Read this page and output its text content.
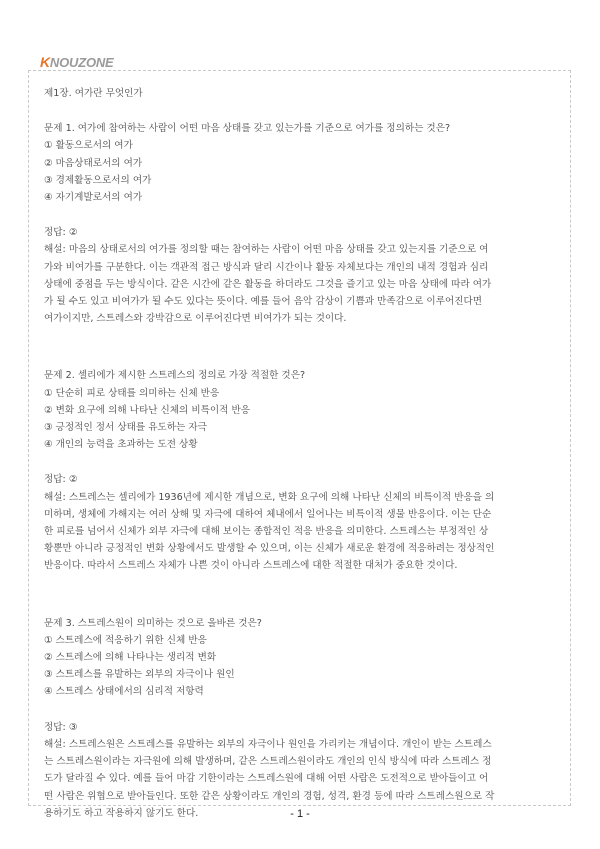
KNOUZONE
제1장. 여가란 무엇인가
문제 1. 여가에 참여하는 사람이 어떤 마음 상태를 갖고 있는가를 기준으로 여가를 정의하는 것은?
① 활동으로서의 여가
② 마음상태로서의 여가
③ 경제활동으로서의 여가
④ 자기계발로서의 여가
정답: ②
해설: 마음의 상태로서의 여가를 정의할 때는 참여하는 사람이 어떤 마음 상태를 갖고 있는지를 기준으로 여
가와 비여가를 구분한다. 이는 객관적 접근 방식과 달리 시간이나 활동 자체보다는 개인의 내적 경험과 심리
상태에 중점을 두는 방식이다. 같은 시간에 같은 활동을 하더라도 그것을 즐기고 있는 마음 상태에 따라 여가
가 될 수도 있고 비여가가 될 수도 있다는 뜻이다. 예를 들어 음악 감상이 기쁨과 만족감으로 이루어진다면
여가이지만, 스트레스와 강박감으로 이루어진다면 비여가가 되는 것이다.
문제 2. 셀리에가 제시한 스트레스의 정의로 가장 적절한 것은?
① 단순히 피로 상태를 의미하는 신체 반응
② 변화 요구에 의해 나타난 신체의 비특이적 반응
③ 긍정적인 정서 상태를 유도하는 자극
④ 개인의 능력을 초과하는 도전 상황
정답: ②
해설: 스트레스는 셀리에가 1936년에 제시한 개념으로, 변화 요구에 의해 나타난 신체의 비특이적 반응을 의
미하며, 생체에 가해지는 여러 상해 및 자극에 대하여 체내에서 일어나는 비특이적 생물 반응이다. 이는 단순
한 피로를 넘어서 신체가 외부 자극에 대해 보이는 종합적인 적응 반응을 의미한다. 스트레스는 부정적인 상
황뿐만 아니라 긍정적인 변화 상황에서도 발생할 수 있으며, 이는 신체가 새로운 환경에 적응하려는 정상적인
반응이다. 따라서 스트레스 자체가 나쁜 것이 아니라 스트레스에 대한 적절한 대처가 중요한 것이다.
문제 3. 스트레스원이 의미하는 것으로 올바른 것은?
① 스트레스에 적응하기 위한 신체 반응
② 스트레스에 의해 나타나는 생리적 변화
③ 스트레스를 유발하는 외부의 자극이나 원인
④ 스트레스 상태에서의 심리적 저항력
정답: ③
해설: 스트레스원은 스트레스를 유발하는 외부의 자극이나 원인을 가리키는 개념이다. 개인이 받는 스트레스
는 스트레스원이라는 자극원에 의해 발생하며, 같은 스트레스원이라도 개인의 인식 방식에 따라 스트레스 정
도가 달라질 수 있다. 예를 들어 마감 기한이라는 스트레스원에 대해 어떤 사람은 도전적으로 받아들이고 어
떤 사람은 위협으로 받아들인다. 또한 같은 상황이라도 개인의 경험, 성격, 환경 등에 따라 스트레스원으로 작
용하기도 하고 작용하지 않기도 한다.	- 1 -
